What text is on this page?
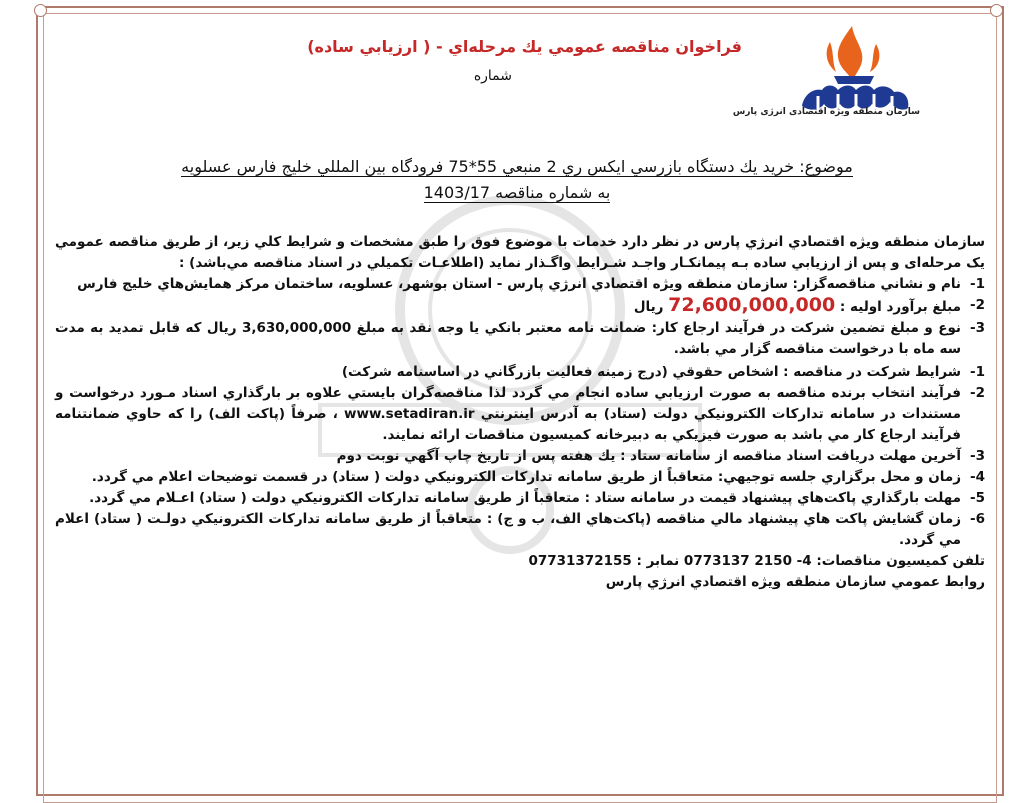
سازمان منطقه ویژه اقتصادی انرژی پارس
فراخوان مناقصه عمومي يك مرحله‌اي - ( ارزيابي ساده)
شماره
موضوع: خريد يك دستگاه بازرسي ايكس ري 2 منبعي 55*75 فرودگاه بين المللي خليج فارس عسلويه
به شماره مناقصه 1403/17

سازمان منطقه ويژه اقتصادي انرژي پارس در نظر دارد خدمات با موضوع فوق را طبق مشخصات و شرايط كلي زير، از طريق مناقصه عمومي یک مرحله‌ای و پس از ارزيابي ساده بـه پيمانكـار واجـد شـرايط واگـذار نمايد (اطلاعـات تكميلي در اسناد مناقصه مي‌باشد) :

1-
نام و نشاني مناقصه‌گزار: سازمان منطقه ويژه اقتصادي انرژي پارس - استان بوشهر، عسلويه، ساختمان مركز همايش‌هاي خليج فارس
2-
مبلغ برآورد اوليه : 72,600,000,000 ريال
3-
نوع و مبلغ تضمين شركت در فرآيند ارجاع كار: ضمانت نامه معتبر بانكي يا وجه نقد به مبلغ 3,630,000,000 ريال كه قابل تمديد به مدت سه ماه با درخواست مناقصه گزار مي باشد.
1-
شرايط شركت در مناقصه : اشخاص حقوقي (درج زمينه فعاليت بازرگاني در اساسنامه شركت)
2-
فرآيند انتخاب برنده مناقصه به صورت ارزيابي ساده انجام مي گردد لذا مناقصه‌گران بايستي علاوه بر بارگذاري اسناد مـورد درخواست و مستندات در سامانه تداركات الكترونيكي دولت (ستاد) به آدرس اينترنتي www.setadiran.ir ، صرفاً (پاكت الف) را كه حاوي ضمانتنامه فرآيند ارجاع كار مي باشد به صورت فيزيكي به دبيرخانه كميسيون مناقصات ارائه نمايند.
3-
آخرين مهلت دريافت اسناد مناقصه از سامانه ستاد : يك هفته پس از تاريخ چاپ آگهي نوبت دوم
4-
زمان و محل برگزاري جلسه توجيهي: متعاقباً از طريق سامانه تداركات الكترونيكي دولت ( ستاد) در قسمت توضيحات اعلام مي گردد.
5-
مهلت بارگذاري پاكت‌هاي پيشنهاد قيمت در سامانه ستاد : متعاقباً از طريق سامانه تداركات الكترونيكي دولت ( ستاد) اعـلام مي گردد.
6-
زمان گشايش پاكت هاي پيشنهاد مالي مناقصه (پاكت‌هاي الف، ب و ج) : متعاقباً از طريق سامانه تداركات الكترونيكي دولـت ( ستاد) اعلام مي گردد.
تلفن كميسيون مناقصات: 4- 2150 0773137 نمابر : 07731372155
روابط عمومي سازمان منطقه ويژه اقتصادي انرژي پارس
